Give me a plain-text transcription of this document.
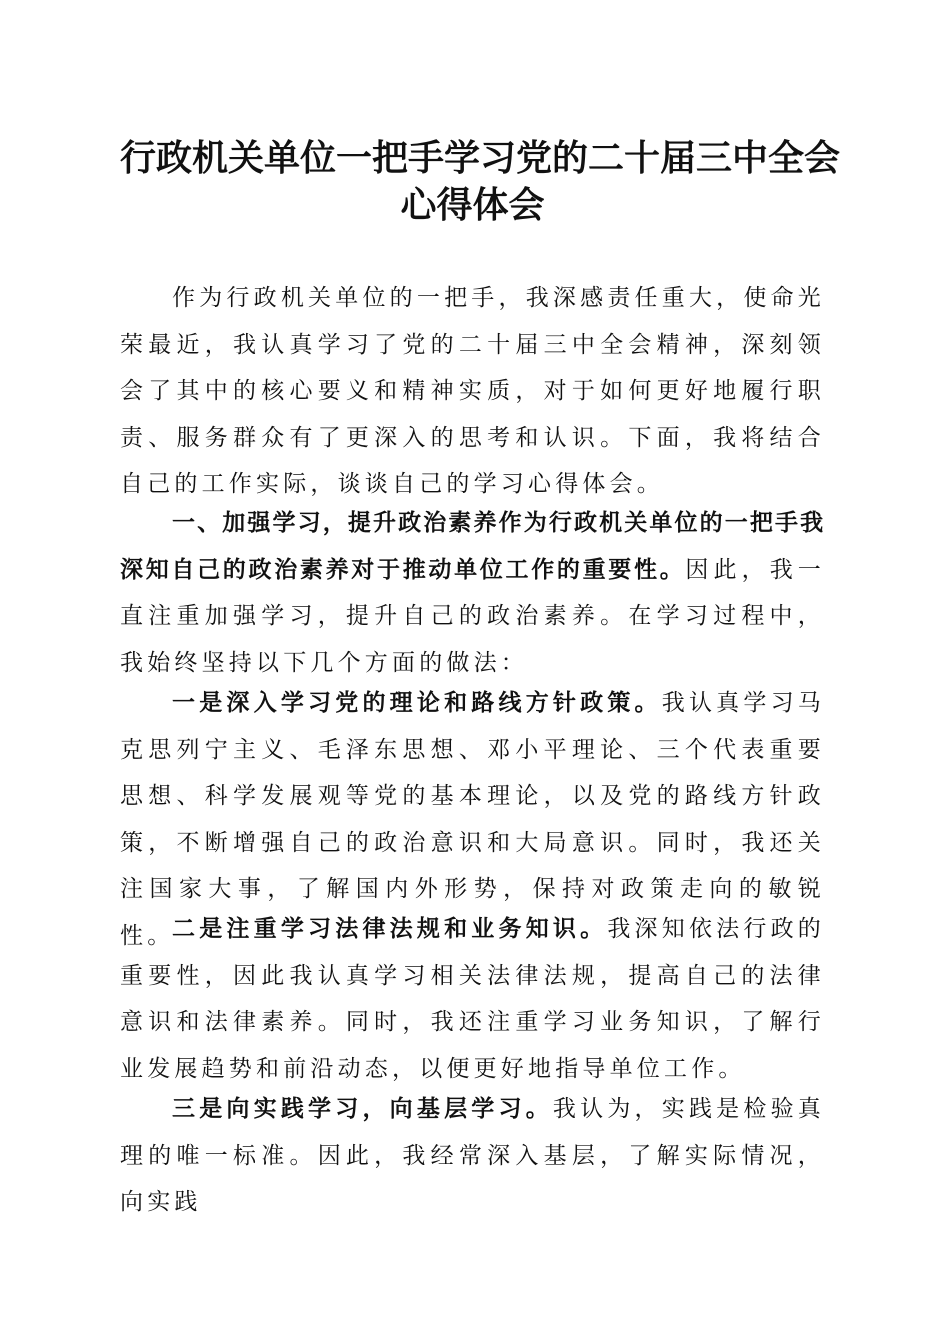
行政机关单位一把手学习党的二十届三中全会
心得体会

作为行政机关单位的一把手，我深感责任重大，使命光荣最近，我认真学习了党的二十届三中全会精神，深刻领会了其中的核心要义和精神实质，对于如何更好地履行职责、服务群众有了更深入的思考和认识。下面，我将结合自己的工作实际，谈谈自己的学习心得体会。

一、加强学习，提升政治素养作为行政机关单位的一把手我深知自己的政治素养对于推动单位工作的重要性。因此，我一直注重加强学习，提升自己的政治素养。在学习过程中，我始终坚持以下几个方面的做法：

一是深入学习党的理论和路线方针政策。我认真学习马克思列宁主义、毛泽东思想、邓小平理论、三个代表重要思想、科学发展观等党的基本理论，以及党的路线方针政策，不断增强自己的政治意识和大局意识。同时，我还关注国家大事，了解国内外形势，保持对政策走向的敏锐性。

二是注重学习法律法规和业务知识。我深知依法行政的重要性，因此我认真学习相关法律法规，提高自己的法律意识和法律素养。同时，我还注重学习业务知识，了解行业发展趋势和前沿动态，以便更好地指导单位工作。

三是向实践学习，向基层学习。我认为，实践是检验真理的唯一标准。因此，我经常深入基层，了解实际情况，向实践
